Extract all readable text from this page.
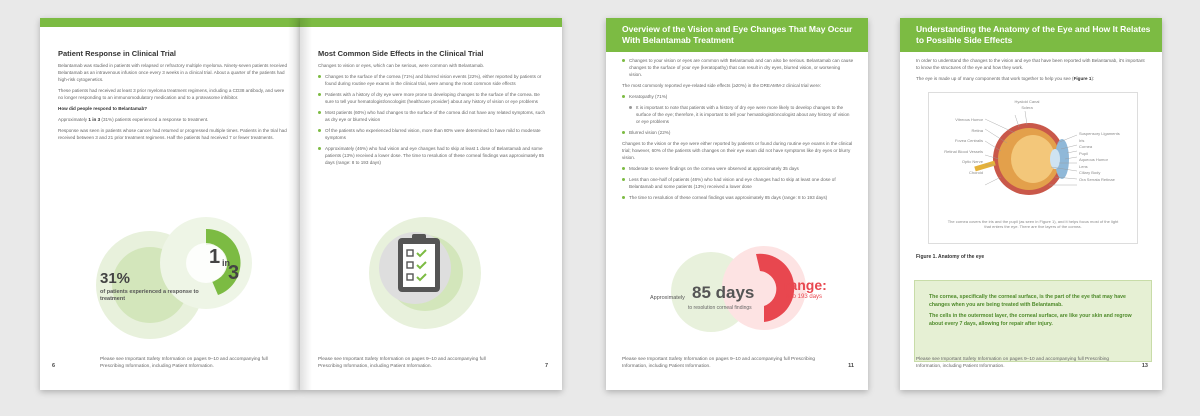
Patient Response in Clinical Trial

Belantamab was studied in patients with relapsed or refractory multiple myeloma. Ninety-seven patients received Belantamab as an intravenous infusion once every 3 weeks in a clinical trial. About a quarter of the patients had high-risk cytogenetics.

These patients had received at least 3 prior myeloma treatment regimens, including a CD38 antibody, and were no longer responding to an immunomodulatory medication and to a proteasome inhibitor.

How did people respond to Belantamab?

Approximately 1 in 3 (31%) patients experienced a response to treatment.

Response was seen in patients whose cancer had returned or progressed multiple times. Patients in the trial had received between 3 and 21 prior treatment regimens. Half the patients had received 7 or fewer treatments.

31%
of patients experienced a response to treatment
1 in
3
6
Please see Important Safety Information on pages 9–10 and accompanying full Prescribing Information, including Patient Information.
Most Common Side Effects in the Clinical Trial

Changes to vision or eyes, which can be serious, were common with Belantamab.

Changes to the surface of the cornea (71%) and blurred vision events (22%), either reported by patients or found during routine eye exams in the clinical trial, were among the most common side effects
Patients with a history of dry eye were more prone to developing changes to the surface of the cornea. Be sure to tell your hematologist/oncologist (healthcare provider) about any history of vision or eye problems
Most patients (60%) who had changes to the surface of the cornea did not have any related symptoms, such as dry eye or blurred vision
Of the patients who experienced blurred vision, more than 80% were determined to have mild to moderate symptoms
Approximately (46%) who had vision and eye changes had to skip at least 1 dose of Belantamab and some patients (13%) received a lower dose. The time to resolution of these corneal findings was approximately 85 days (range: 8 to 193 days)
7
Please see Important Safety Information on pages 9–10 and accompanying full Prescribing Information, including Patient Information.
Overview of the Vision and Eye Changes That May Occur With Belantamab Treatment
Changes to your vision or eyes are common with Belantamab and can also be serious. Belantamab can cause changes to the surface of your eye (keratopathy) that can result in dry eyes, blurred vision, or worsening vision.

The most commonly reported eye-related side effects (≥20%) in the DREAMM-2 clinical trial were:

Keratopathy (71%)
It is important to note that patients with a history of dry eye were more likely to develop changes to the surface of the eye; therefore, it is important to tell your hematologist/oncologist about any history of vision or eye problems
Blurred vision (22%)

Changes to the vision or the eye were either reported by patients or found during routine eye exams in the clinical trial; however, 60% of the patients with changes on their eye exam did not have symptoms like dry eyes or blurry vision.

Moderate to severe findings on the cornea were observed at approximately 35 days
Less than one-half of patients (46%) who had vision and eye changes had to skip at least one dose of Belantamab and some patients (13%) received a lower dose
The time to resolution of these corneal findings was approximately 85 days (range: 8 to 193 days)
Approximately 85 days
to resolution corneal findings
range:
8 to 193 days
Please see Important Safety Information on pages 9–10 and accompanying full Prescribing Information, including Patient Information.	11
Understanding the Anatomy of the Eye and How It Relates to Possible Side Effects

In order to understand the changes to the vision and eye that have been reported with Belantamab, it's important to know the structures of the eye and how they work.

The eye is made up of many components that work together to help you see (Figure 1):

Vitreous Humor
Retina
Fovea Centralis
Retinal Blood Vessels
Optic Nerve
Choroid
Hyaloid Canal
Sclera
Suspensory Ligaments
Iris
Cornea
Pupil
Aqueous Humor
Lens
Ciliary Body
Ora Serrata Retinae
The cornea covers the iris and the pupil (as seen in Figure 1), and it helps focus most of the light that enters the eye. There are five layers of the cornea.
Figure 1. Anatomy of the eye

The cornea, specifically the corneal surface, is the part of the eye that may have changes when you are being treated with Belantamab.

The cells in the outermost layer, the corneal surface, are like your skin and regrow about every 7 days, allowing for repair after injury.

Please see Important Safety Information on pages 9–10 and accompanying full Prescribing Information, including Patient Information.	13
